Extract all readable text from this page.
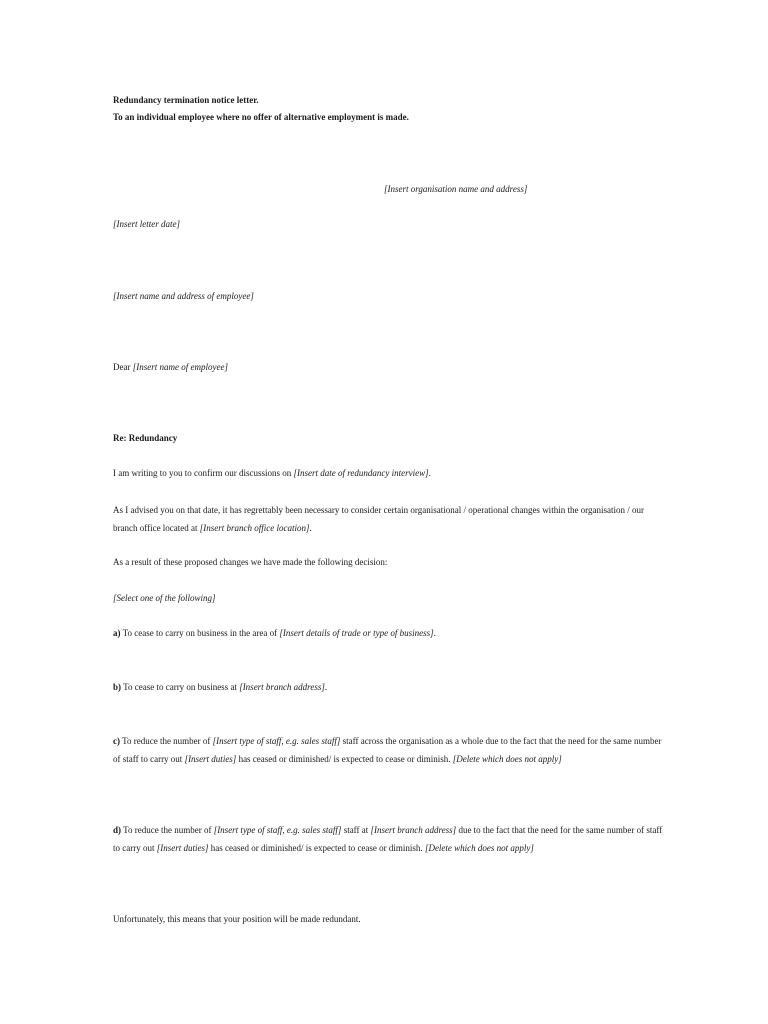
Redundancy termination notice letter.
To an individual employee where no offer of alternative employment is made.
[Insert organisation name and address]
[Insert letter date]
[Insert name and address of employee]
Dear [Insert name of employee]
Re: Redundancy
I am writing to you to confirm our discussions on [Insert date of redundancy interview].
As I advised you on that date, it has regrettably been necessary to consider certain organisational / operational changes within the organisation / our branch office located at [Insert branch office location].
As a result of these proposed changes we have made the following decision:
[Select one of the following]
a) To cease to carry on business in the area of [Insert details of trade or type of business].
b) To cease to carry on business at [Insert branch address].
c) To reduce the number of [Insert type of staff, e.g. sales staff] staff across the organisation as a whole due to the fact that the need for the same number of staff to carry out [Insert duties] has ceased or diminished/ is expected to cease or diminish. [Delete which does not apply]
d) To reduce the number of [Insert type of staff, e.g. sales staff] staff at [Insert branch address] due to the fact that the need for the same number of staff to carry out [Insert duties] has ceased or diminished/ is expected to cease or diminish. [Delete which does not apply]
Unfortunately, this means that your position will be made redundant.
